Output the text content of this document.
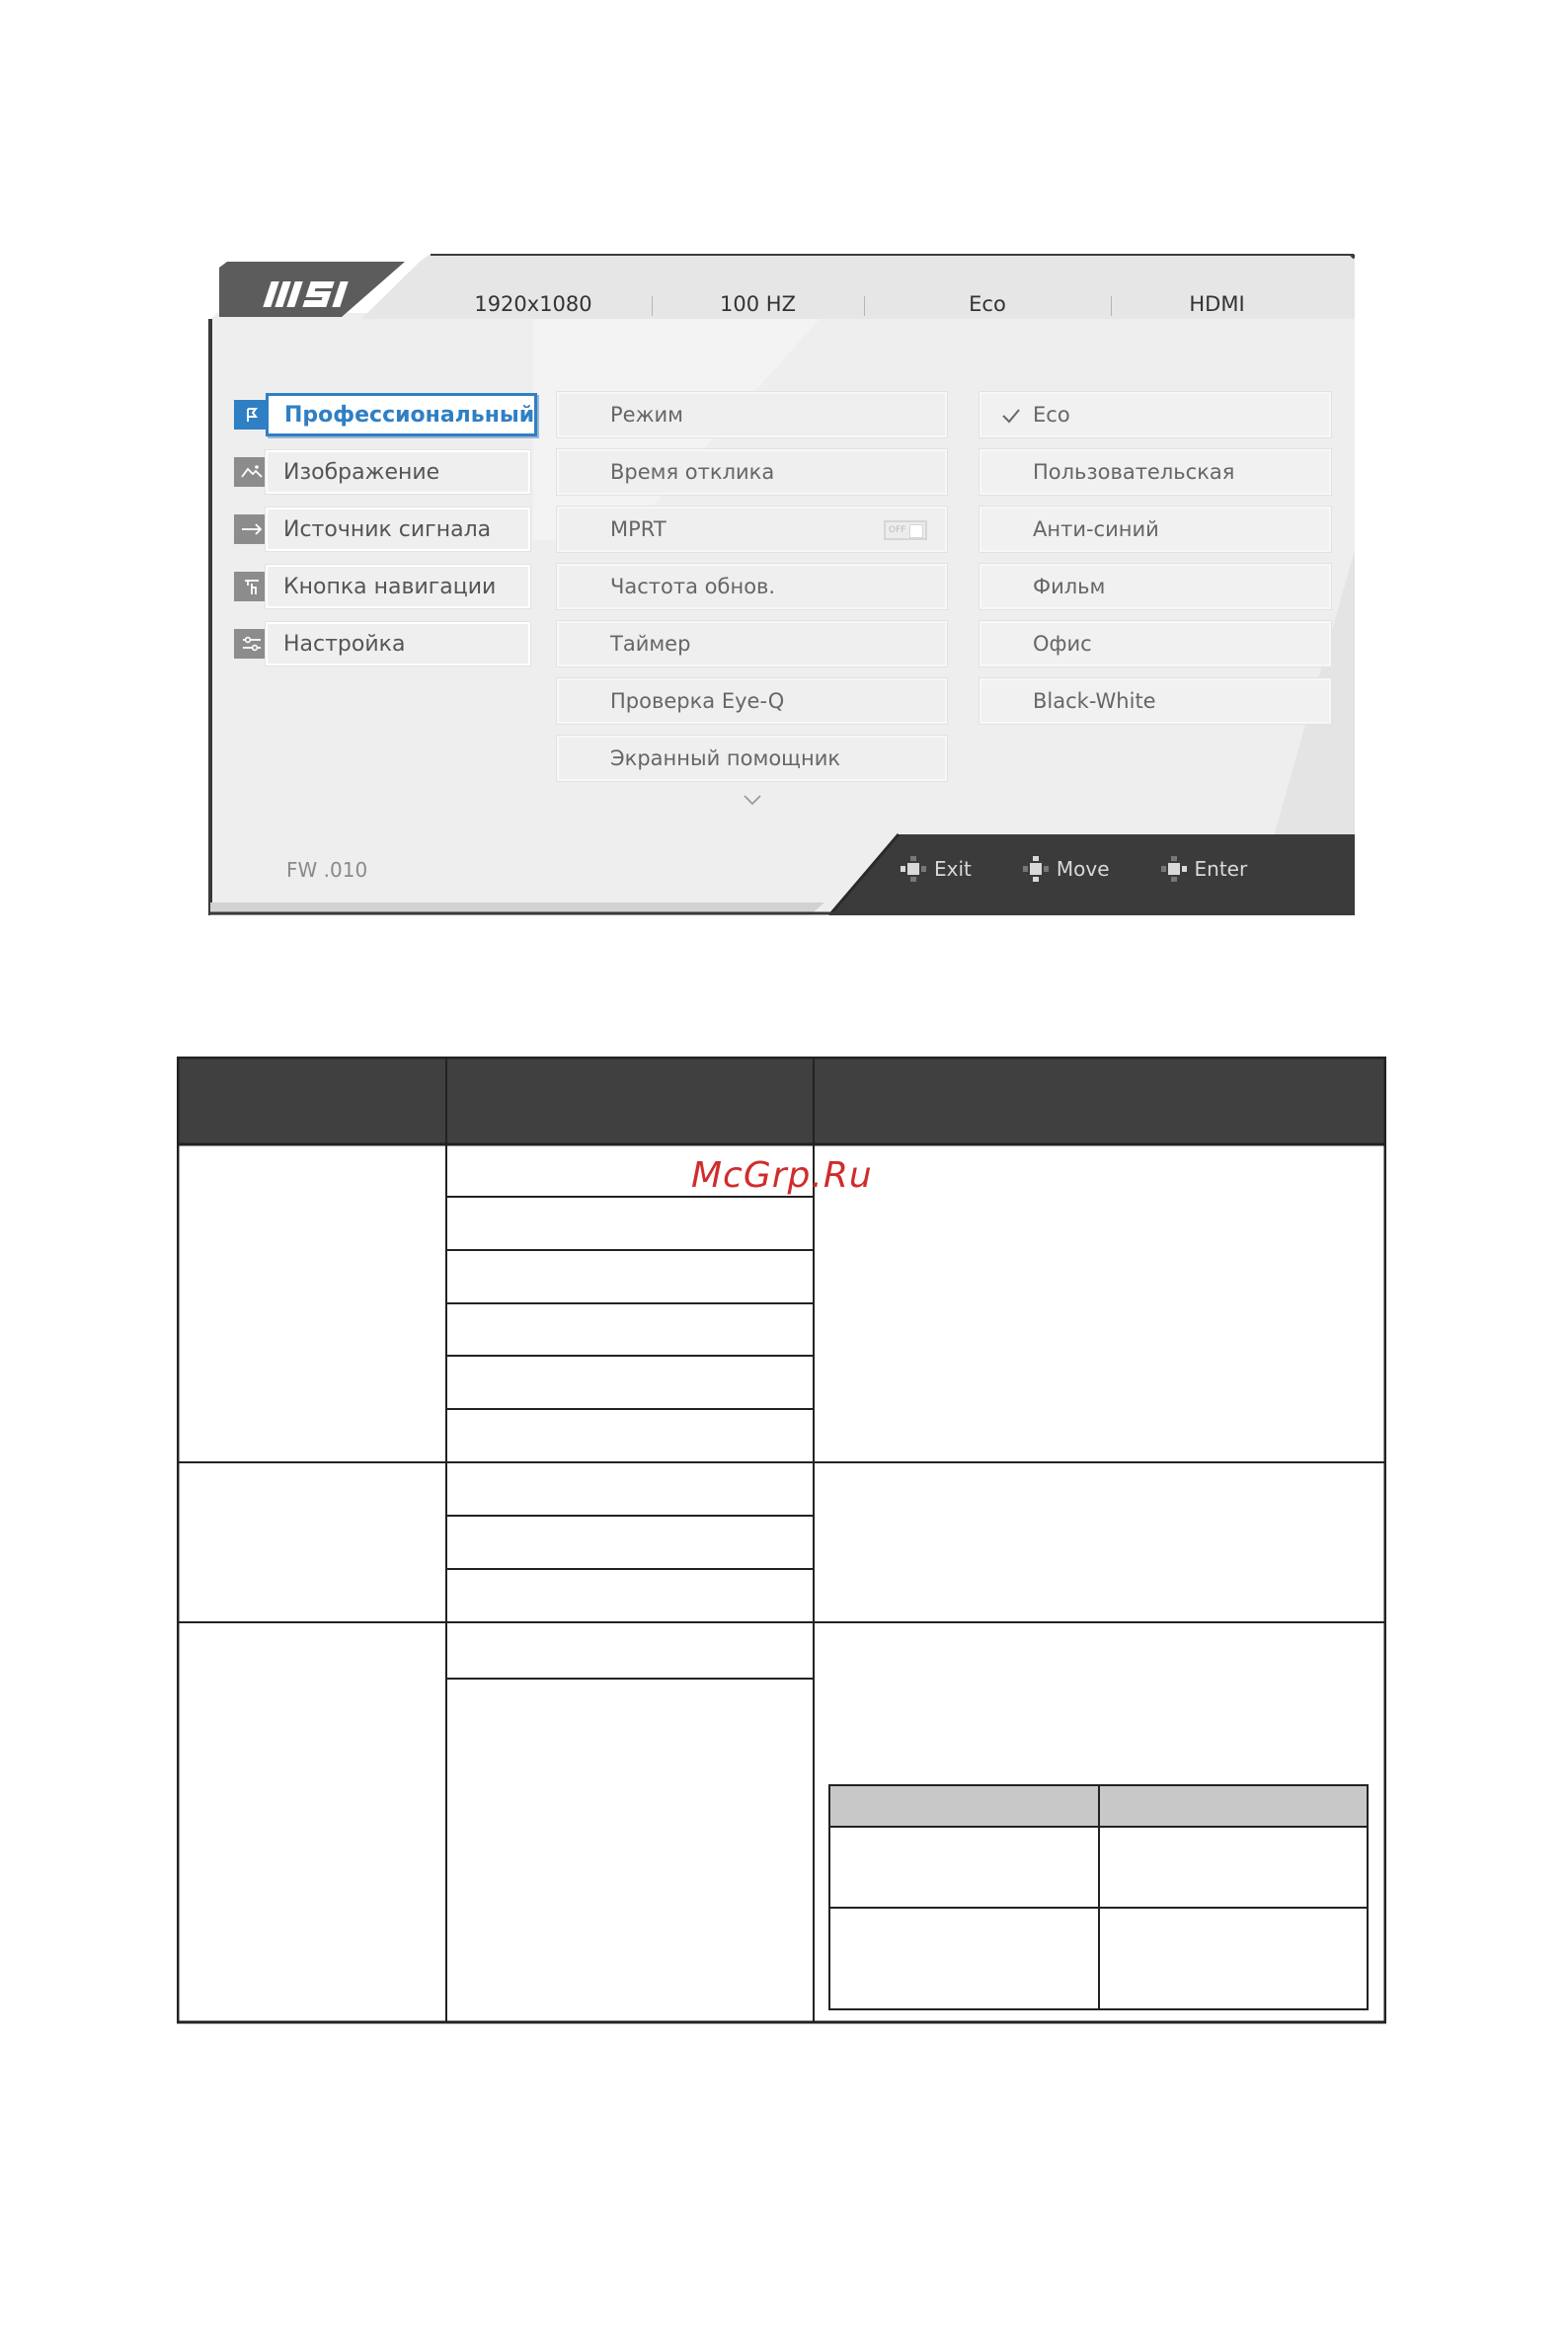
1920x1080	100 HZ	Eco	HDMI
Профессиональный
Изображение
Источник сигнала
Кнопка навигации
Настройка
Режим
Время отклика
MPRT	OFF
Частота обнов.
Таймер
Проверка Eye-Q
Экранный помощник
Eco
Пользовательская
Анти-синий
Фильм
Офис
Black-White
FW .010	Exit	Move	Enter
McGrp.Ru
